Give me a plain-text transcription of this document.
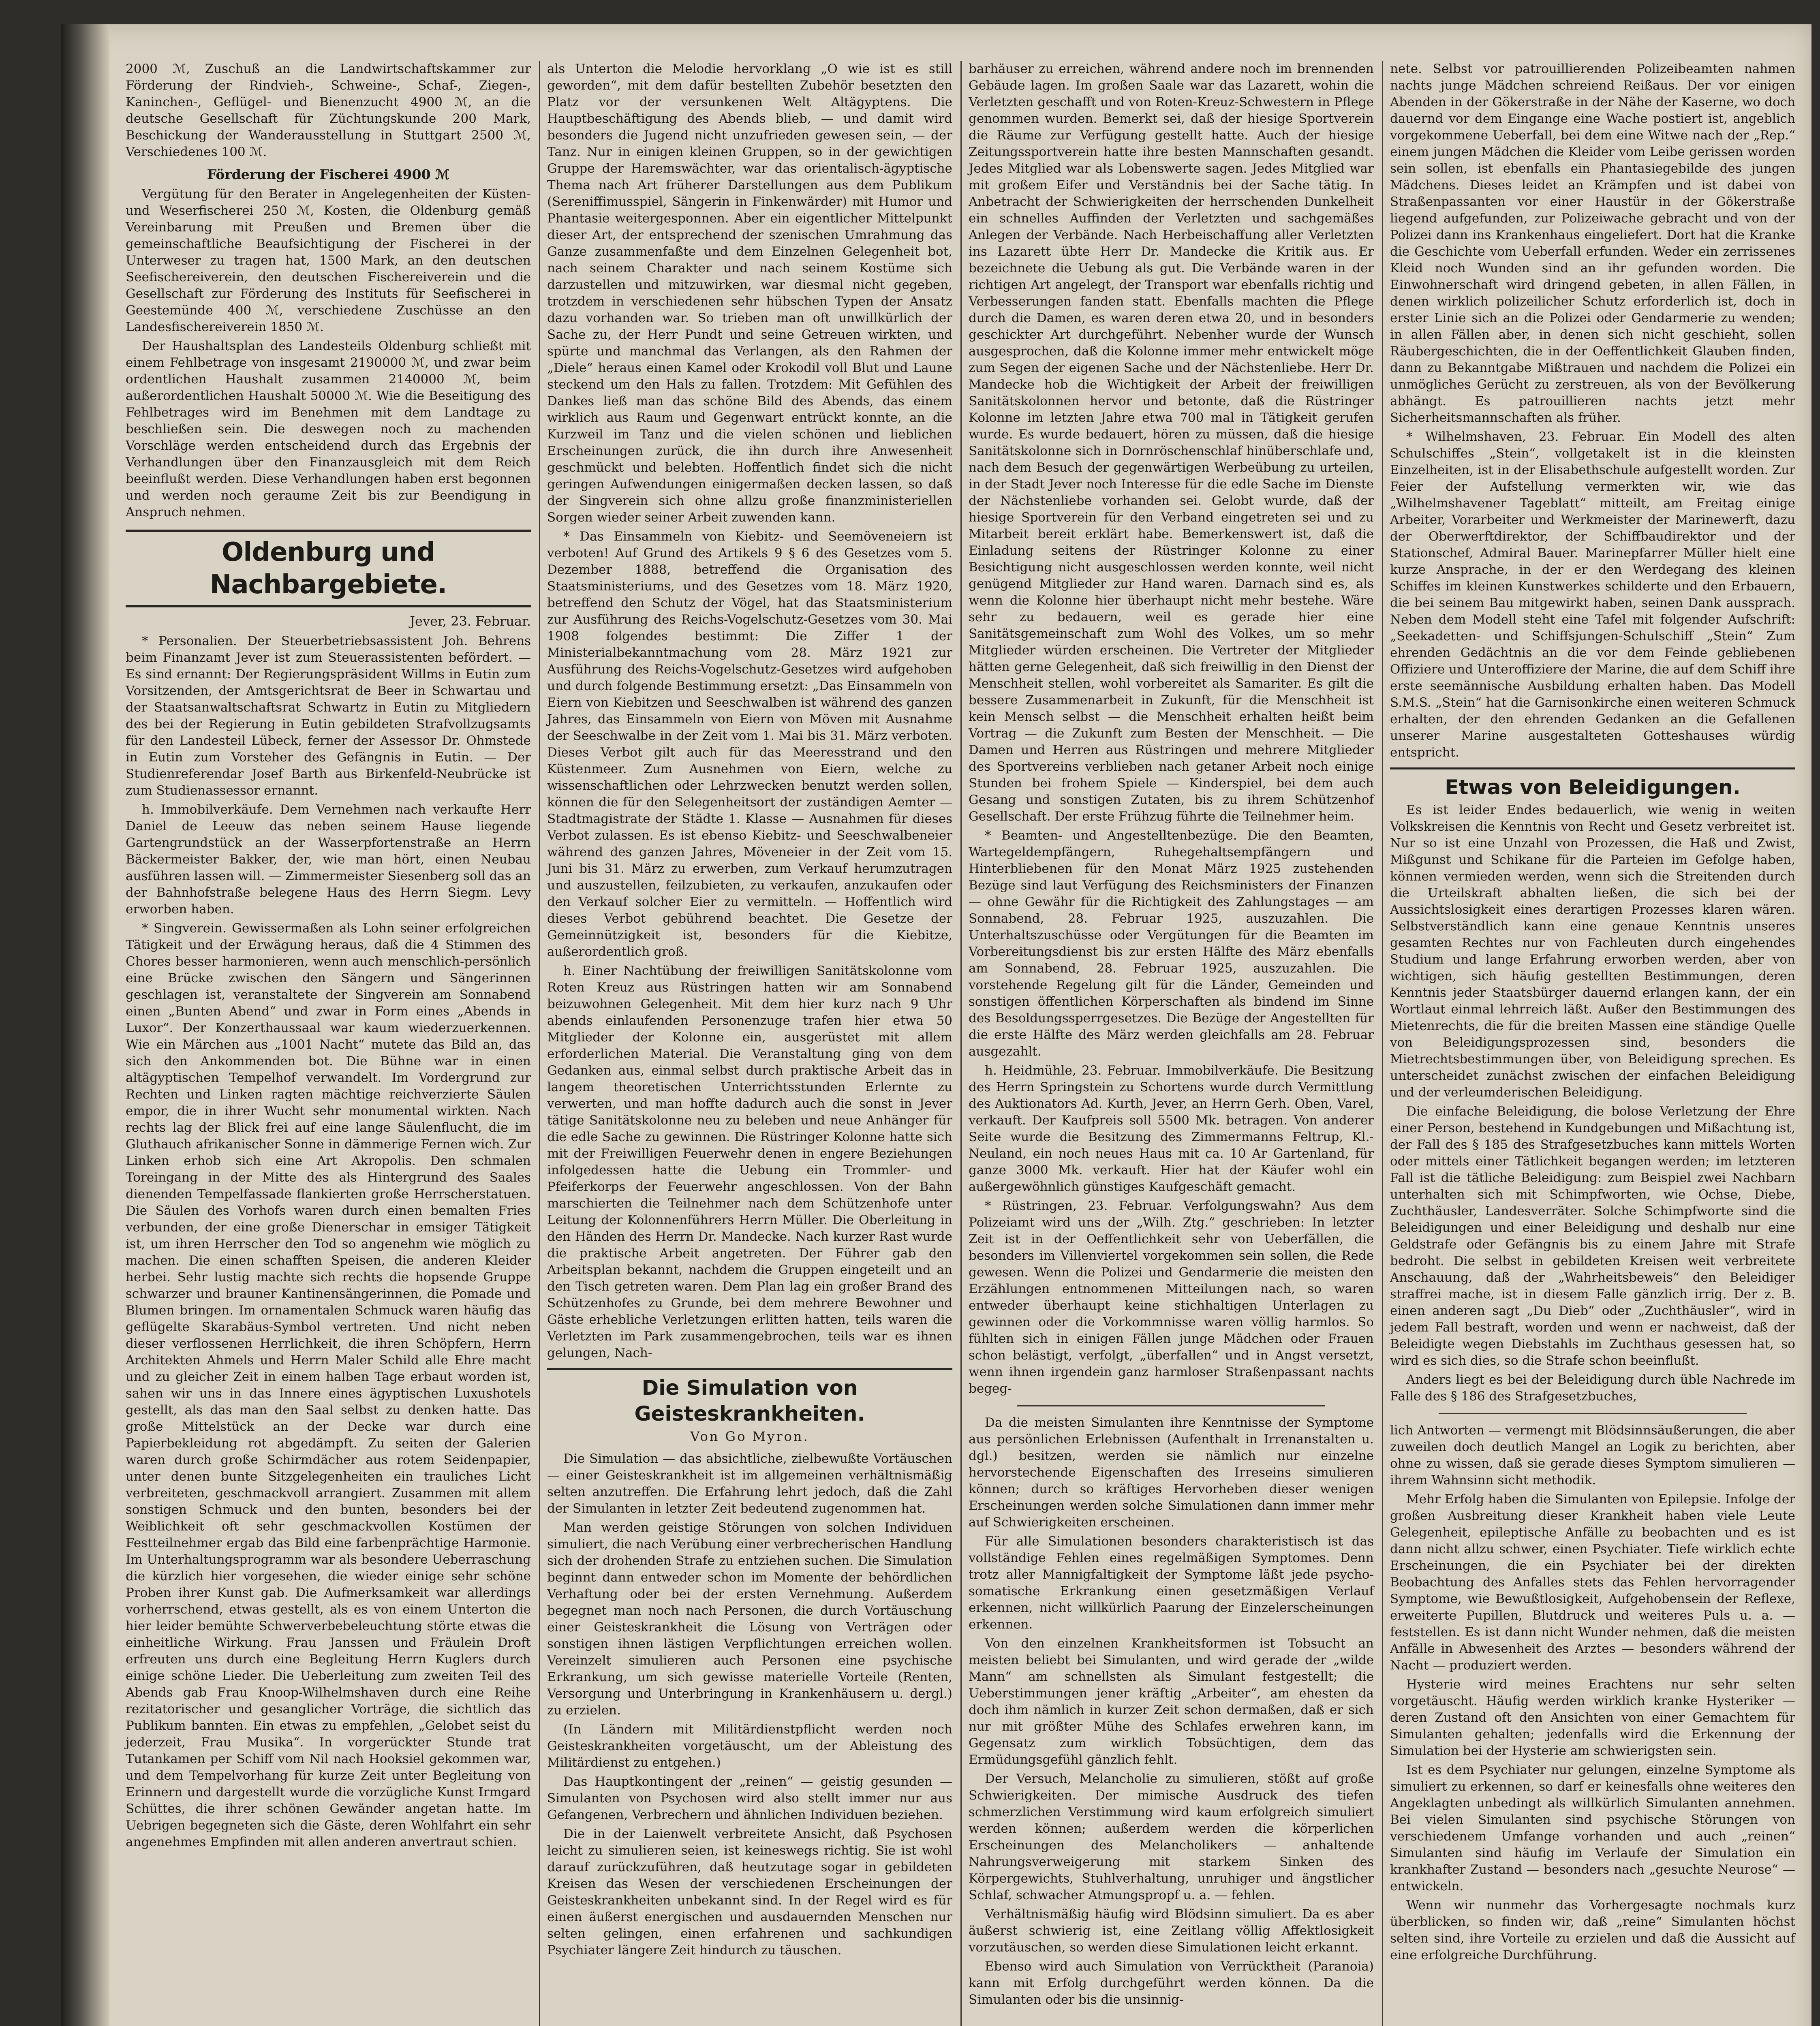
2000 ℳ, Zuschuß an die Landwirtschaftskammer zur Förderung der Rindvieh-, Schweine-, Schaf-, Ziegen-, Kaninchen-, Geflügel- und Bienenzucht 4900 ℳ, an die deutsche Gesellschaft für Züchtungskunde 200 Mark, Beschickung der Wanderausstellung in Stuttgart 2500 ℳ, Verschiedenes 100 ℳ.

Förderung der Fischerei 4900 ℳ

Vergütung für den Berater in Angelegenheiten der Küsten- und Weserfischerei 250 ℳ, Kosten, die Oldenburg gemäß Vereinbarung mit Preußen und Bremen über die gemeinschaftliche Beaufsichtigung der Fischerei in der Unterweser zu tragen hat, 1500 Mark, an den deutschen Seefischereiverein, den deutschen Fischereiverein und die Gesellschaft zur Förderung des Instituts für Seefischerei in Geestemünde 400 ℳ, verschiedene Zuschüsse an den Landesfischereiverein 1850 ℳ.

Der Haushaltsplan des Landesteils Oldenburg schließt mit einem Fehlbetrage von insgesamt 2190000 ℳ, und zwar beim ordentlichen Haushalt zusammen 2140000 ℳ, beim außerordentlichen Haushalt 50000 ℳ. Wie die Beseitigung des Fehlbetrages wird im Benehmen mit dem Landtage zu beschließen sein. Die deswegen noch zu machenden Vorschläge werden entscheidend durch das Ergebnis der Verhandlungen über den Finanzausgleich mit dem Reich beeinflußt werden. Diese Verhandlungen haben erst begonnen und werden noch geraume Zeit bis zur Beendigung in Anspruch nehmen.

Oldenburg und Nachbargebiete.
Jever, 23. Februar.

* Personalien. Der Steuerbetriebsassistent Joh. Behrens beim Finanzamt Jever ist zum Steuerassistenten befördert. — Es sind ernannt: Der Regierungspräsident Willms in Eutin zum Vorsitzenden, der Amtsgerichtsrat de Beer in Schwartau und der Staatsanwaltschaftsrat Schwartz in Eutin zu Mitgliedern des bei der Regierung in Eutin gebildeten Strafvollzugsamts für den Landesteil Lübeck, ferner der Assessor Dr. Ohmstede in Eutin zum Vorsteher des Gefängnis in Eutin. — Der Studienreferendar Josef Barth aus Birkenfeld-Neubrücke ist zum Studienassessor ernannt.

h. Immobilverkäufe. Dem Vernehmen nach verkaufte Herr Daniel de Leeuw das neben seinem Hause liegende Gartengrundstück an der Wasserpfortenstraße an Herrn Bäckermeister Bakker, der, wie man hört, einen Neubau ausführen lassen will. — Zimmermeister Siesenberg soll das an der Bahnhofstraße belegene Haus des Herrn Siegm. Levy erworben haben.

* Singverein. Gewissermaßen als Lohn seiner erfolgreichen Tätigkeit und der Erwägung heraus, daß die 4 Stimmen des Chores besser harmonieren, wenn auch menschlich-persönlich eine Brücke zwischen den Sängern und Sängerinnen geschlagen ist, veranstaltete der Singverein am Sonnabend einen „Bunten Abend“ und zwar in Form eines „Abends in Luxor“. Der Konzerthaussaal war kaum wiederzuerkennen. Wie ein Märchen aus „1001 Nacht“ mutete das Bild an, das sich den Ankommenden bot. Die Bühne war in einen altägyptischen Tempelhof verwandelt. Im Vordergrund zur Rechten und Linken ragten mächtige reichverzierte Säulen empor, die in ihrer Wucht sehr monumental wirkten. Nach rechts lag der Blick frei auf eine lange Säulenflucht, die im Gluthauch afrikanischer Sonne in dämmerige Fernen wich. Zur Linken erhob sich eine Art Akropolis. Den schmalen Toreingang in der Mitte des als Hintergrund des Saales dienenden Tempelfassade flankierten große Herrscherstatuen. Die Säulen des Vorhofs waren durch einen bemalten Fries verbunden, der eine große Dienerschar in emsiger Tätigkeit ist, um ihren Herrscher den Tod so angenehm wie möglich zu machen. Die einen schafften Speisen, die anderen Kleider herbei. Sehr lustig machte sich rechts die hopsende Gruppe schwarzer und brauner Kantinensängerinnen, die Pomade und Blumen bringen. Im ornamentalen Schmuck waren häufig das geflügelte Skarabäus-Symbol vertreten. Und nicht neben dieser verflossenen Herrlichkeit, die ihren Schöpfern, Herrn Architekten Ahmels und Herrn Maler Schild alle Ehre macht und zu gleicher Zeit in einem halben Tage erbaut worden ist, sahen wir uns in das Innere eines ägyptischen Luxushotels gestellt, als das man den Saal selbst zu denken hatte. Das große Mittelstück an der Decke war durch eine Papierbekleidung rot abgedämpft. Zu seiten der Galerien waren durch große Schirmdächer aus rotem Seidenpapier, unter denen bunte Sitzgelegenheiten ein trauliches Licht verbreiteten, geschmackvoll arrangiert. Zusammen mit allem sonstigen Schmuck und den bunten, besonders bei der Weiblichkeit oft sehr geschmackvollen Kostümen der Festteilnehmer ergab das Bild eine farbenprächtige Harmonie. Im Unterhaltungsprogramm war als besondere Ueberraschung die kürzlich hier vorgesehen, die wieder einige sehr schöne Proben ihrer Kunst gab. Die Aufmerksamkeit war allerdings vorherrschend, etwas gestellt, als es von einem Unterton die hier leider bemühte Schwerverbebeleuchtung störte etwas die einheitliche Wirkung. Frau Janssen und Fräulein Droft erfreuten uns durch eine Begleitung Herrn Kuglers durch einige schöne Lieder. Die Ueberleitung zum zweiten Teil des Abends gab Frau Knoop-Wilhelmshaven durch eine Reihe rezitatorischer und gesanglicher Vorträge, die sichtlich das Publikum bannten. Ein etwas zu empfehlen, „Gelobet seist du jederzeit, Frau Musika“. In vorgerückter Stunde trat Tutankamen per Schiff vom Nil nach Hooksiel gekommen war, und dem Tempelvorhang für kurze Zeit unter Begleitung von Erinnern und dargestellt wurde die vorzügliche Kunst Irmgard Schüttes, die ihrer schönen Gewänder angetan hatte. Im Uebrigen begegneten sich die Gäste, deren Wohlfahrt ein sehr angenehmes Empfinden mit allen anderen anvertraut schien.

als Unterton die Melodie hervorklang „O wie ist es still geworden“, mit dem dafür bestellten Zubehör besetzten den Platz vor der versunkenen Welt Altägyptens. Die Hauptbeschäftigung des Abends blieb, — und damit wird besonders die Jugend nicht unzufrieden gewesen sein, — der Tanz. Nur in einigen kleinen Gruppen, so in der gewichtigen Gruppe der Haremswächter, war das orientalisch-ägyptische Thema nach Art früherer Darstellungen aus dem Publikum (Sereniffimusspiel, Sängerin in Finkenwärder) mit Humor und Phantasie weitergesponnen. Aber ein eigentlicher Mittelpunkt dieser Art, der entsprechend der szenischen Umrahmung das Ganze zusammenfaßte und dem Einzelnen Gelegenheit bot, nach seinem Charakter und nach seinem Kostüme sich darzustellen und mitzuwirken, war diesmal nicht gegeben, trotzdem in verschiedenen sehr hübschen Typen der Ansatz dazu vorhanden war. So trieben man oft unwillkürlich der Sache zu, der Herr Pundt und seine Getreuen wirkten, und spürte und manchmal das Verlangen, als den Rahmen der „Diele“ heraus einen Kamel oder Krokodil voll Blut und Laune steckend um den Hals zu fallen. Trotzdem: Mit Gefühlen des Dankes ließ man das schöne Bild des Abends, das einem wirklich aus Raum und Gegenwart entrückt konnte, an die Kurzweil im Tanz und die vielen schönen und lieblichen Erscheinungen zurück, die ihn durch ihre Anwesenheit geschmückt und belebten. Hoffentlich findet sich die nicht geringen Aufwendungen einigermaßen decken lassen, so daß der Singverein sich ohne allzu große finanzministeriellen Sorgen wieder seiner Arbeit zuwenden kann.

* Das Einsammeln von Kiebitz- und Seemöveneiern ist verboten! Auf Grund des Artikels 9 § 6 des Gesetzes vom 5. Dezember 1888, betreffend die Organisation des Staatsministeriums, und des Gesetzes vom 18. März 1920, betreffend den Schutz der Vögel, hat das Staatsministerium zur Ausführung des Reichs-Vogelschutz-Gesetzes vom 30. Mai 1908 folgendes bestimmt: Die Ziffer 1 der Ministerialbekanntmachung vom 28. März 1921 zur Ausführung des Reichs-Vogelschutz-Gesetzes wird aufgehoben und durch folgende Bestimmung ersetzt: „Das Einsammeln von Eiern von Kiebitzen und Seeschwalben ist während des ganzen Jahres, das Einsammeln von Eiern von Möven mit Ausnahme der Seeschwalbe in der Zeit vom 1. Mai bis 31. März verboten. Dieses Verbot gilt auch für das Meeresstrand und den Küstenmeer. Zum Ausnehmen von Eiern, welche zu wissenschaftlichen oder Lehrzwecken benutzt werden sollen, können die für den Selegenheitsort der zuständigen Aemter — Stadtmagistrate der Städte 1. Klasse — Ausnahmen für dieses Verbot zulassen. Es ist ebenso Kiebitz- und Seeschwalbeneier während des ganzen Jahres, Möveneier in der Zeit vom 15. Juni bis 31. März zu erwerben, zum Verkauf herumzutragen und auszustellen, feilzubieten, zu verkaufen, anzukaufen oder den Verkauf solcher Eier zu vermitteln. — Hoffentlich wird dieses Verbot gebührend beachtet. Die Gesetze der Gemeinnützigkeit ist, besonders für die Kiebitze, außerordentlich groß.

h. Einer Nachtübung der freiwilligen Sanitätskolonne vom Roten Kreuz aus Rüstringen hatten wir am Sonnabend beizuwohnen Gelegenheit. Mit dem hier kurz nach 9 Uhr abends einlaufenden Personenzuge trafen hier etwa 50 Mitglieder der Kolonne ein, ausgerüstet mit allem erforderlichen Material. Die Veranstaltung ging von dem Gedanken aus, einmal selbst durch praktische Arbeit das in langem theoretischen Unterrichtsstunden Erlernte zu verwerten, und man hoffte dadurch auch die sonst in Jever tätige Sanitätskolonne neu zu beleben und neue Anhänger für die edle Sache zu gewinnen. Die Rüstringer Kolonne hatte sich mit der Freiwilligen Feuerwehr denen in engere Beziehungen infolgedessen hatte die Uebung ein Trommler- und Pfeiferkorps der Feuerwehr angeschlossen. Von der Bahn marschierten die Teilnehmer nach dem Schützenhofe unter Leitung der Kolonnenführers Herrn Müller. Die Oberleitung in den Händen des Herrn Dr. Mandecke. Nach kurzer Rast wurde die praktische Arbeit angetreten. Der Führer gab den Arbeitsplan bekannt, nachdem die Gruppen eingeteilt und an den Tisch getreten waren. Dem Plan lag ein großer Brand des Schützenhofes zu Grunde, bei dem mehrere Bewohner und Gäste erhebliche Verletzungen erlitten hatten, teils waren die Verletzten im Park zusammengebrochen, teils war es ihnen gelungen, Nach-

Die Simulation von Geisteskrankheiten.
Von Go Myron.

Die Simulation — das absichtliche, zielbewußte Vortäuschen — einer Geisteskrankheit ist im allgemeinen verhältnismäßig selten anzutreffen. Die Erfahrung lehrt jedoch, daß die Zahl der Simulanten in letzter Zeit bedeutend zugenommen hat.

Man werden geistige Störungen von solchen Individuen simuliert, die nach Verübung einer verbrecherischen Handlung sich der drohenden Strafe zu entziehen suchen. Die Simulation beginnt dann entweder schon im Momente der behördlichen Verhaftung oder bei der ersten Vernehmung. Außerdem begegnet man noch nach Personen, die durch Vortäuschung einer Geisteskrankheit die Lösung von Verträgen oder sonstigen ihnen lästigen Verpflichtungen erreichen wollen. Vereinzelt simulieren auch Personen eine psychische Erkrankung, um sich gewisse materielle Vorteile (Renten, Versorgung und Unterbringung in Krankenhäusern u. dergl.) zu erzielen.

(In Ländern mit Militärdienstpflicht werden noch Geisteskrankheiten vorgetäuscht, um der Ableistung des Militärdienst zu entgehen.)

Das Hauptkontingent der „reinen“ — geistig gesunden — Simulanten von Psychosen wird also stellt immer nur aus Gefangenen, Verbrechern und ähnlichen Individuen beziehen.

Die in der Laienwelt verbreitete Ansicht, daß Psychosen leicht zu simulieren seien, ist keineswegs richtig. Sie ist wohl darauf zurückzuführen, daß heutzutage sogar in gebildeten Kreisen das Wesen der verschiedenen Erscheinungen der Geisteskrankheiten unbekannt sind. In der Regel wird es für einen äußerst energischen und ausdauernden Menschen nur selten gelingen, einen erfahrenen und sachkundigen Psychiater längere Zeit hindurch zu täuschen.

barhäuser zu erreichen, während andere noch im brennenden Gebäude lagen. Im großen Saale war das Lazarett, wohin die Verletzten geschafft und von Roten-Kreuz-Schwestern in Pflege genommen wurden. Bemerkt sei, daß der hiesige Sportverein die Räume zur Verfügung gestellt hatte. Auch der hiesige Zeitungssportverein hatte ihre besten Mannschaften gesandt. Jedes Mitglied war als Lobenswerte sagen. Jedes Mitglied war mit großem Eifer und Verständnis bei der Sache tätig. In Anbetracht der Schwierigkeiten der herrschenden Dunkelheit ein schnelles Auffinden der Verletzten und sachgemäßes Anlegen der Verbände. Nach Herbeischaffung aller Verletzten ins Lazarett übte Herr Dr. Mandecke die Kritik aus. Er bezeichnete die Uebung als gut. Die Verbände waren in der richtigen Art angelegt, der Transport war ebenfalls richtig und Verbesserungen fanden statt. Ebenfalls machten die Pflege durch die Damen, es waren deren etwa 20, und in besonders geschickter Art durchgeführt. Nebenher wurde der Wunsch ausgesprochen, daß die Kolonne immer mehr entwickelt möge zum Segen der eigenen Sache und der Nächstenliebe. Herr Dr. Mandecke hob die Wichtigkeit der Arbeit der freiwilligen Sanitätskolonnen hervor und betonte, daß die Rüstringer Kolonne im letzten Jahre etwa 700 mal in Tätigkeit gerufen wurde. Es wurde bedauert, hören zu müssen, daß die hiesige Sanitätskolonne sich in Dornröschenschlaf hinüberschlafe und, nach dem Besuch der gegenwärtigen Werbeübung zu urteilen, in der Stadt Jever noch Interesse für die edle Sache im Dienste der Nächstenliebe vorhanden sei. Gelobt wurde, daß der hiesige Sportverein für den Verband eingetreten sei und zu Mitarbeit bereit erklärt habe. Bemerkenswert ist, daß die Einladung seitens der Rüstringer Kolonne zu einer Besichtigung nicht ausgeschlossen werden konnte, weil nicht genügend Mitglieder zur Hand waren. Darnach sind es, als wenn die Kolonne hier überhaupt nicht mehr bestehe. Wäre sehr zu bedauern, weil es gerade hier eine Sanitätsgemeinschaft zum Wohl des Volkes, um so mehr Mitglieder würden erscheinen. Die Vertreter der Mitglieder hätten gerne Gelegenheit, daß sich freiwillig in den Dienst der Menschheit stellen, wohl vorbereitet als Samariter. Es gilt die bessere Zusammenarbeit in Zukunft, für die Menschheit ist kein Mensch selbst — die Menschheit erhalten heißt beim Vortrag — die Zukunft zum Besten der Menschheit. — Die Damen und Herren aus Rüstringen und mehrere Mitglieder des Sportvereins verblieben nach getaner Arbeit noch einige Stunden bei frohem Spiele — Kinderspiel, bei dem auch Gesang und sonstigen Zutaten, bis zu ihrem Schützenhof Gesellschaft. Der erste Frühzug führte die Teilnehmer heim.

* Beamten- und Angestelltenbezüge. Die den Beamten, Wartegeldempfängern, Ruhegehaltsempfängern und Hinterbliebenen für den Monat März 1925 zustehenden Bezüge sind laut Verfügung des Reichsministers der Finanzen — ohne Gewähr für die Richtigkeit des Zahlungstages — am Sonnabend, 28. Februar 1925, auszuzahlen. Die Unterhaltszuschüsse oder Vergütungen für die Beamten im Vorbereitungsdienst bis zur ersten Hälfte des März ebenfalls am Sonnabend, 28. Februar 1925, auszuzahlen. Die vorstehende Regelung gilt für die Länder, Gemeinden und sonstigen öffentlichen Körperschaften als bindend im Sinne des Besoldungssperrgesetzes. Die Bezüge der Angestellten für die erste Hälfte des März werden gleichfalls am 28. Februar ausgezahlt.

h. Heidmühle, 23. Februar. Immobilverkäufe. Die Besitzung des Herrn Springstein zu Schortens wurde durch Vermittlung des Auktionators Ad. Kurth, Jever, an Herrn Gerh. Oben, Varel, verkauft. Der Kaufpreis soll 5500 Mk. betragen. Von anderer Seite wurde die Besitzung des Zimmermanns Feltrup, Kl.-Neuland, ein noch neues Haus mit ca. 10 Ar Gartenland, für ganze 3000 Mk. verkauft. Hier hat der Käufer wohl ein außergewöhnlich günstiges Kaufgeschäft gemacht.

* Rüstringen, 23. Februar. Verfolgungswahn? Aus dem Polizeiamt wird uns der „Wilh. Ztg.“ geschrieben: In letzter Zeit ist in der Oeffentlichkeit sehr von Ueberfällen, die besonders im Villenviertel vorgekommen sein sollen, die Rede gewesen. Wenn die Polizei und Gendarmerie die meisten den Erzählungen entnommenen Mitteilungen nach, so waren entweder überhaupt keine stichhaltigen Unterlagen zu gewinnen oder die Vorkommnisse waren völlig harmlos. So fühlten sich in einigen Fällen junge Mädchen oder Frauen schon belästigt, verfolgt, „überfallen“ und in Angst versetzt, wenn ihnen irgendein ganz harmloser Straßenpassant nachts begeg-

Da die meisten Simulanten ihre Kenntnisse der Symptome aus persönlichen Erlebnissen (Aufenthalt in Irrenanstalten u. dgl.) besitzen, werden sie nämlich nur einzelne hervorstechende Eigenschaften des Irreseins simulieren können; durch so kräftiges Hervorheben dieser wenigen Erscheinungen werden solche Simulationen dann immer mehr auf Schwierigkeiten erscheinen.

Für alle Simulationen besonders charakteristisch ist das vollständige Fehlen eines regelmäßigen Symptomes. Denn trotz aller Mannigfaltigkeit der Symptome läßt jede psycho-somatische Erkrankung einen gesetzmäßigen Verlauf erkennen, nicht willkürlich Paarung der Einzelerscheinungen erkennen.

Von den einzelnen Krankheitsformen ist Tobsucht an meisten beliebt bei Simulanten, und wird gerade der „wilde Mann“ am schnellsten als Simulant festgestellt; die Ueberstimmungen jener kräftig „Arbeiter“, am ehesten da doch ihm nämlich in kurzer Zeit schon dermaßen, daß er sich nur mit größter Mühe des Schlafes erwehren kann, im Gegensatz zum wirklich Tobsüchtigen, dem das Ermüdungsgefühl gänzlich fehlt.

Der Versuch, Melancholie zu simulieren, stößt auf große Schwierigkeiten. Der mimische Ausdruck des tiefen schmerzlichen Verstimmung wird kaum erfolgreich simuliert werden können; außerdem werden die körperlichen Erscheinungen des Melancholikers — anhaltende Nahrungsverweigerung mit starkem Sinken des Körpergewichts, Stuhlverhaltung, unruhiger und ängstlicher Schlaf, schwacher Atmungspropf u. a. — fehlen.

Verhältnismäßig häufig wird Blödsinn simuliert. Da es aber äußerst schwierig ist, eine Zeitlang völlig Affektlosigkeit vorzutäuschen, so werden diese Simulationen leicht erkannt.

Ebenso wird auch Simulation von Verrücktheit (Paranoia) kann mit Erfolg durchgeführt werden können. Da die Simulanten oder bis die unsinnig-

nete. Selbst vor patrouillierenden Polizeibeamten nahmen nachts junge Mädchen schreiend Reißaus. Der vor einigen Abenden in der Gökerstraße in der Nähe der Kaserne, wo doch dauernd vor dem Eingange eine Wache postiert ist, angeblich vorgekommene Ueberfall, bei dem eine Witwe nach der „Rep.“ einem jungen Mädchen die Kleider vom Leibe gerissen worden sein sollen, ist ebenfalls ein Phantasiegebilde des jungen Mädchens. Dieses leidet an Krämpfen und ist dabei von Straßenpassanten vor einer Haustür in der Gökerstraße liegend aufgefunden, zur Polizeiwache gebracht und von der Polizei dann ins Krankenhaus eingeliefert. Dort hat die Kranke die Geschichte vom Ueberfall erfunden. Weder ein zerrissenes Kleid noch Wunden sind an ihr gefunden worden. Die Einwohnerschaft wird dringend gebeten, in allen Fällen, in denen wirklich polizeilicher Schutz erforderlich ist, doch in erster Linie sich an die Polizei oder Gendarmerie zu wenden; in allen Fällen aber, in denen sich nicht geschieht, sollen Räubergeschichten, die in der Oeffentlichkeit Glauben finden, dann zu Bekanntgabe Mißtrauen und nachdem die Polizei ein unmögliches Gerücht zu zerstreuen, als von der Bevölkerung abhängt. Es patrouillieren nachts jetzt mehr Sicherheitsmannschaften als früher.

* Wilhelmshaven, 23. Februar. Ein Modell des alten Schulschiffes „Stein“, vollgetakelt ist in die kleinsten Einzelheiten, ist in der Elisabethschule aufgestellt worden. Zur Feier der Aufstellung vermerkten wir, wie das „Wilhelmshavener Tageblatt“ mitteilt, am Freitag einige Arbeiter, Vorarbeiter und Werkmeister der Marinewerft, dazu der Oberwerftdirektor, der Schiffbaudirektor und der Stationschef, Admiral Bauer. Marinepfarrer Müller hielt eine kurze Ansprache, in der er den Werdegang des kleinen Schiffes im kleinen Kunstwerkes schilderte und den Erbauern, die bei seinem Bau mitgewirkt haben, seinen Dank aussprach. Neben dem Modell steht eine Tafel mit folgender Aufschrift: „Seekadetten- und Schiffsjungen-Schulschiff „Stein“ Zum ehrenden Gedächtnis an die vor dem Feinde gebliebenen Offiziere und Unteroffiziere der Marine, die auf dem Schiff ihre erste seemännische Ausbildung erhalten haben. Das Modell S.M.S. „Stein“ hat die Garnisonkirche einen weiteren Schmuck erhalten, der den ehrenden Gedanken an die Gefallenen unserer Marine ausgestalteten Gotteshauses würdig entspricht.

Etwas von Beleidigungen.

Es ist leider Endes bedauerlich, wie wenig in weiten Volkskreisen die Kenntnis von Recht und Gesetz verbreitet ist. Nur so ist eine Unzahl von Prozessen, die Haß und Zwist, Mißgunst und Schikane für die Parteien im Gefolge haben, können vermieden werden, wenn sich die Streitenden durch die Urteilskraft abhalten ließen, die sich bei der Aussichtslosigkeit eines derartigen Prozesses klaren wären. Selbstverständlich kann eine genaue Kenntnis unseres gesamten Rechtes nur von Fachleuten durch eingehendes Studium und lange Erfahrung erworben werden, aber von wichtigen, sich häufig gestellten Bestimmungen, deren Kenntnis jeder Staatsbürger dauernd erlangen kann, der ein Wortlaut einmal lehrreich läßt. Außer den Bestimmungen des Mietenrechts, die für die breiten Massen eine ständige Quelle von Beleidigungsprozessen sind, besonders die Mietrechtsbestimmungen über, von Beleidigung sprechen. Es unterscheidet zunächst zwischen der einfachen Beleidigung und der verleumderischen Beleidigung.

Die einfache Beleidigung, die bolose Verletzung der Ehre einer Person, bestehend in Kundgebungen und Mißachtung ist, der Fall des § 185 des Strafgesetzbuches kann mittels Worten oder mittels einer Tätlichkeit begangen werden; im letzteren Fall ist die tätliche Beleidigung: zum Beispiel zwei Nachbarn unterhalten sich mit Schimpfworten, wie Ochse, Diebe, Zuchthäusler, Landesverräter. Solche Schimpfworte sind die Beleidigungen und einer Beleidigung und deshalb nur eine Geldstrafe oder Gefängnis bis zu einem Jahre mit Strafe bedroht. Die selbst in gebildeten Kreisen weit verbreitete Anschauung, daß der „Wahrheitsbeweis“ den Beleidiger straffrei mache, ist in diesem Falle gänzlich irrig. Der z. B. einen anderen sagt „Du Dieb“ oder „Zuchthäusler“, wird in jedem Fall bestraft, worden und wenn er nachweist, daß der Beleidigte wegen Diebstahls im Zuchthaus gesessen hat, so wird es sich dies, so die Strafe schon beeinflußt.

Anders liegt es bei der Beleidigung durch üble Nachrede im Falle des § 186 des Strafgesetzbuches,

lich Antworten — vermengt mit Blödsinnsäußerungen, die aber zuweilen doch deutlich Mangel an Logik zu berichten, aber ohne zu wissen, daß sie gerade dieses Symptom simulieren — ihrem Wahnsinn sicht methodik.

Mehr Erfolg haben die Simulanten von Epilepsie. Infolge der großen Ausbreitung dieser Krankheit haben viele Leute Gelegenheit, epileptische Anfälle zu beobachten und es ist dann nicht allzu schwer, einen Psychiater. Tiefe wirklich echte Erscheinungen, die ein Psychiater bei der direkten Beobachtung des Anfalles stets das Fehlen hervorragender Symptome, wie Bewußtlosigkeit, Aufgehobensein der Reflexe, erweiterte Pupillen, Blutdruck und weiteres Puls u. a. — feststellen. Es ist dann nicht Wunder nehmen, daß die meisten Anfälle in Abwesenheit des Arztes — besonders während der Nacht — produziert werden.

Hysterie wird meines Erachtens nur sehr selten vorgetäuscht. Häufig werden wirklich kranke Hysteriker — deren Zustand oft den Ansichten von einer Gemachtem für Simulanten gehalten; jedenfalls wird die Erkennung der Simulation bei der Hysterie am schwierigsten sein.

Ist es dem Psychiater nur gelungen, einzelne Symptome als simuliert zu erkennen, so darf er keinesfalls ohne weiteres den Angeklagten unbedingt als willkürlich Simulanten annehmen. Bei vielen Simulanten sind psychische Störungen von verschiedenem Umfange vorhanden und auch „reinen“ Simulanten sind häufig im Verlaufe der Simulation ein krankhafter Zustand — besonders nach „gesuchte Neurose“ — entwickeln.

Wenn wir nunmehr das Vorhergesagte nochmals kurz überblicken, so finden wir, daß „reine“ Simulanten höchst selten sind, ihre Vorteile zu erzielen und daß die Aussicht auf eine erfolgreiche Durchführung.
